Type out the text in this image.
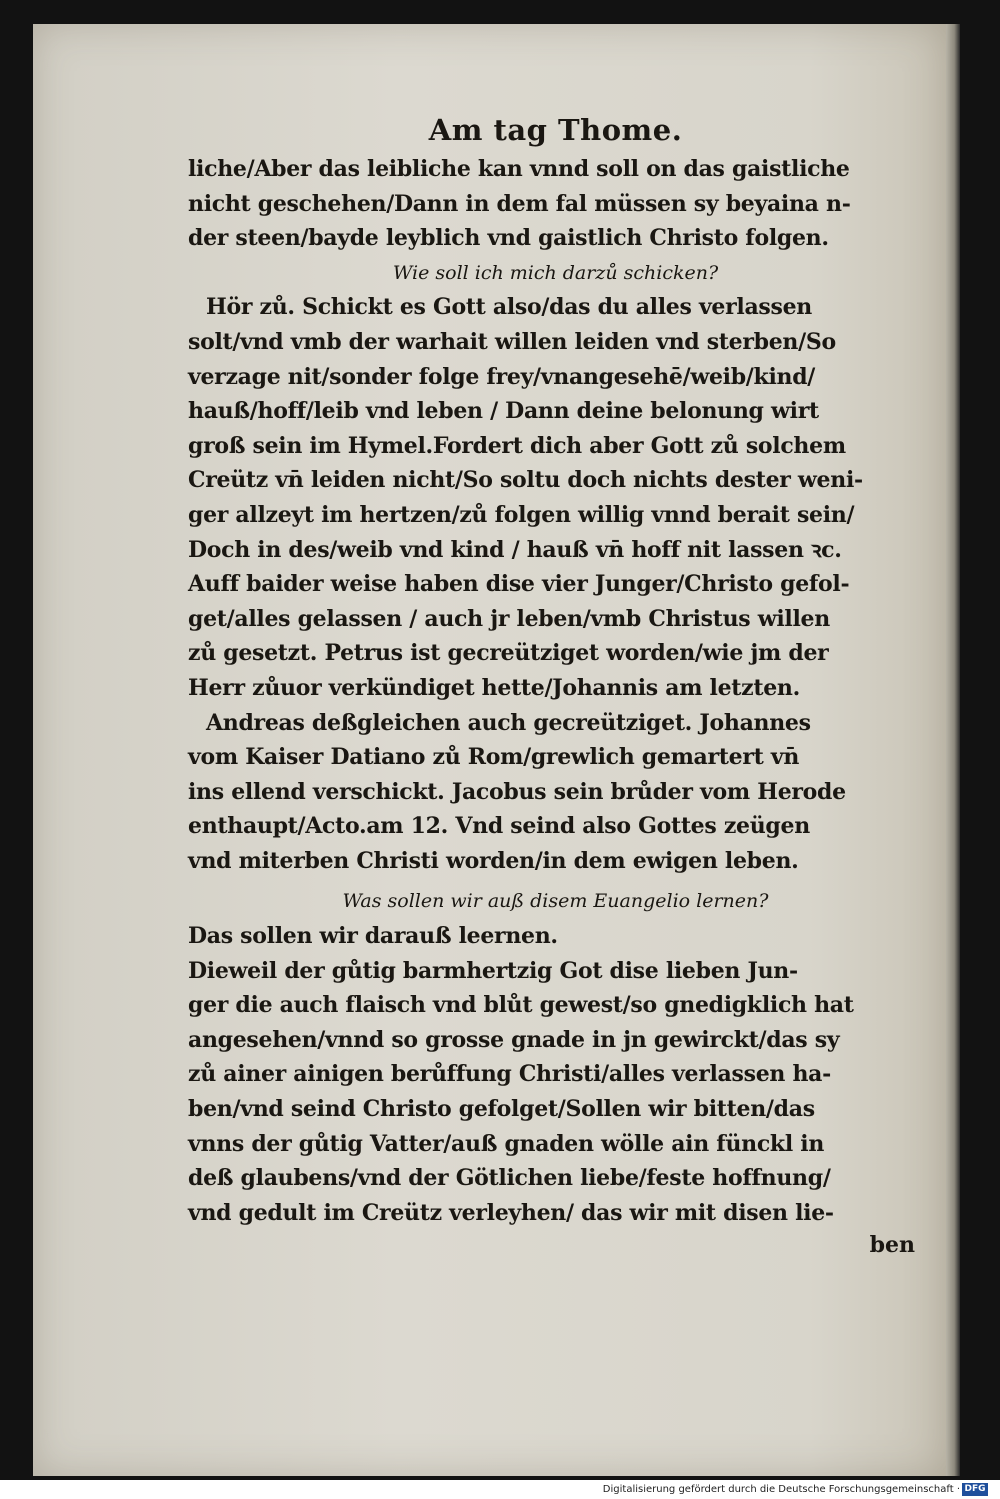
Am tag Thome.
liche/Aber das leibliche kan vnnd soll on das gaistliche
nicht geschehen/Dann in dem fal müssen sy beyaina n-
der steen/bayde leyblich vnd gaistlich Christo folgen.
Wie soll ich mich darzů schicken?
Hör zů. Schickt es Gott also/das du alles verlassen
solt/vnd vmb der warhait willen leiden vnd sterben/So
verzage nit/sonder folge frey/vnangesehē/weib/kind/
hauß/hoff/leib vnd leben / Dann deine belonung wirt
groß sein im Hymel.Fordert dich aber Gott zů solchem
Creütz vn̄ leiden nicht/So soltu doch nichts dester weni-
ger allzeyt im hertzen/zů folgen willig vnnd berait sein/
Doch in des/weib vnd kind / hauß vn̄ hoff nit lassen ꝛc.
Auff baider weise haben dise vier Junger/Christo gefol-
get/alles gelassen / auch jr leben/vmb Christus willen
zů gesetzt. Petrus ist gecreütziget worden/wie jm der
Herr zůuor verkündiget hette/Johannis am letzten.
Andreas deßgleichen auch gecreütziget. Johannes
vom Kaiser Datiano zů Rom/grewlich gemartert vn̄
ins ellend verschickt. Jacobus sein brůder vom Herode
enthaupt/Acto.am 12. Vnd seind also Gottes zeügen
vnd miterben Christi worden/in dem ewigen leben.
Was sollen wir auß disem Euangelio lernen?
Das sollen wir darauß leernen.
Dieweil der gůtig barmhertzig Got dise lieben Jun-
ger die auch flaisch vnd blůt gewest/so gnedigklich hat
angesehen/vnnd so grosse gnade in jn gewirckt/das sy
zů ainer ainigen berůffung Christi/alles verlassen ha-
ben/vnd seind Christo gefolget/Sollen wir bitten/das
vnns der gůtig Vatter/auß gnaden wölle ain fünckl in
deß glaubens/vnd der Götlichen liebe/feste hoffnung/
vnd gedult im Creütz verleyhen/ das wir mit disen lie-
ben
Digitalisierung gefördert durch die Deutsche Forschungsgemeinschaft · DFG
